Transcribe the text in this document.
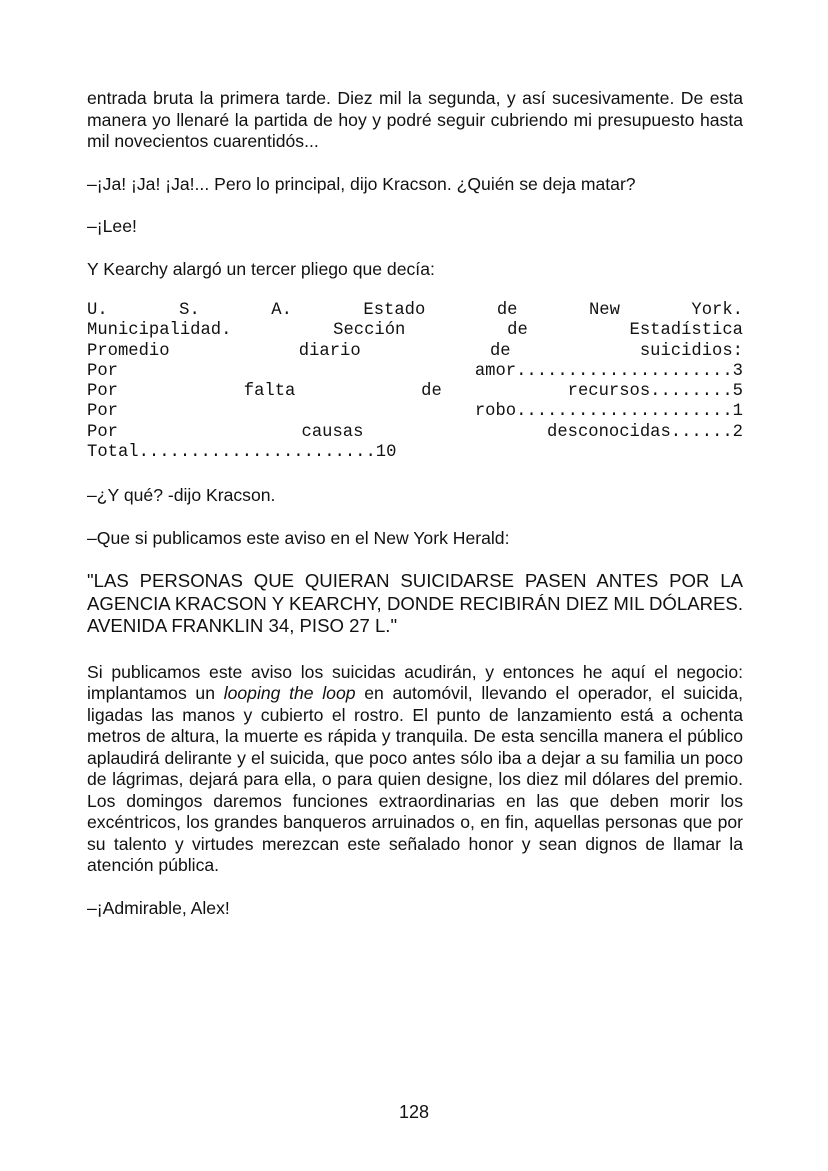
entrada bruta la primera tarde. Diez mil la segunda, y así sucesivamente. De esta manera yo llenaré la partida de hoy y podré seguir cubriendo mi presupuesto hasta mil novecientos cuarentidós...

–¡Ja! ¡Ja! ¡Ja!... Pero lo principal, dijo Kracson. ¿Quién se deja matar?

–¡Lee!

Y Kearchy alargó un tercer pliego que decía:

U. S. A. Estado de New York.
Municipalidad. Sección de Estadística
Promedio diario de suicidios:
Por amor.....................3
Por falta de recursos........5
Por robo.....................1
Por causas desconocidas......2
Total.......................10

–¿Y qué? -dijo Kracson.

–Que si publicamos este aviso en el New York Herald:

"LAS PERSONAS QUE QUIERAN SUICIDARSE PASEN ANTES POR LA AGENCIA KRACSON Y KEARCHY, DONDE RECIBIRÁN DIEZ MIL DÓLARES. AVENIDA FRANKLIN 34, PISO 27 L."

Si publicamos este aviso los suicidas acudirán, y entonces he aquí el negocio: implantamos un looping the loop en automóvil, llevando el operador, el suicida, ligadas las manos y cubierto el rostro. El punto de lanzamiento está a ochenta metros de altura, la muerte es rápida y tranquila. De esta sencilla manera el público aplaudirá delirante y el suicida, que poco antes sólo iba a dejar a su familia un poco de lágrimas, dejará para ella, o para quien designe, los diez mil dólares del premio. Los domingos daremos funciones extraordinarias en las que deben morir los excéntricos, los grandes banqueros arruinados o, en fin, aquellas personas que por su talento y virtudes merezcan este señalado honor y sean dignos de llamar la atención pública.

–¡Admirable, Alex!

128
